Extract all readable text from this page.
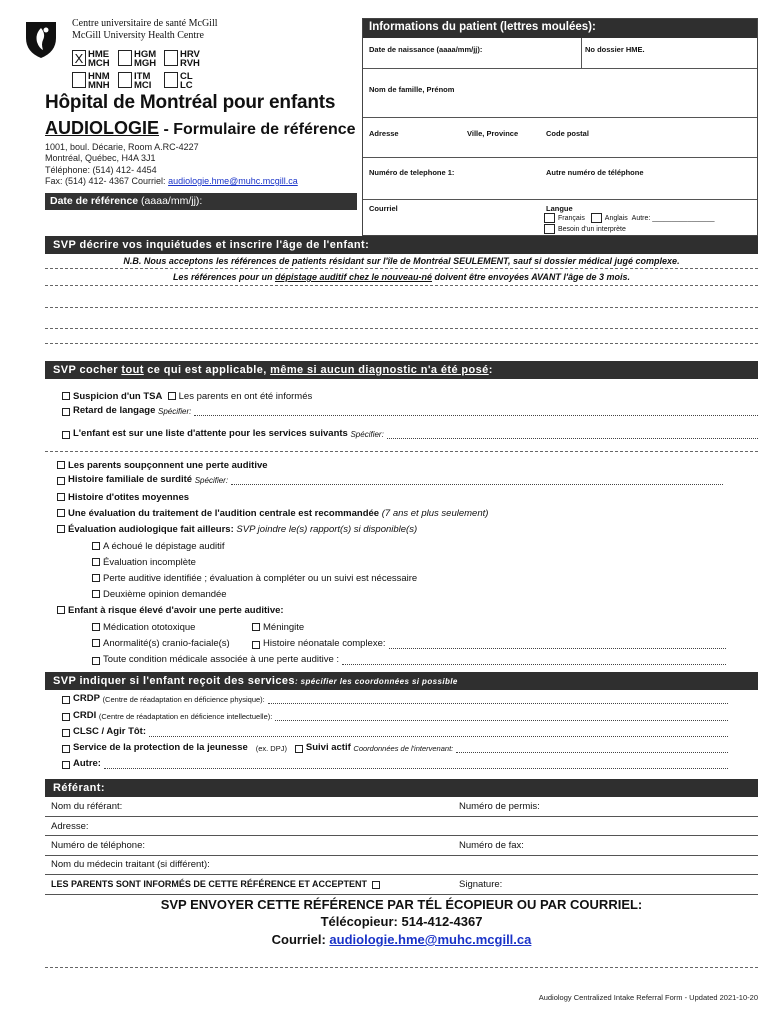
Centre universitaire de santé McGill
McGill University Health Centre
X HME
MCH
HGM
MGH
HRV
RVH
HNM
MNH
ITM
MCI
CL
LC
Hôpital de Montréal pour enfants
AUDIOLOGIE - Formulaire de référence
1001, boul. Décarie, Room A.RC-4227
Montréal, Québec, H4A 3J1
Téléphone: (514) 412- 4454
Fax: (514) 412- 4367 Courriel: audiologie.hme@muhc.mcgill.ca
Date de référence (aaaa/mm/jj):
Informations du patient (lettres moulées):
Date de naissance (aaaa/mm/jj):	No dossier HME.
Nom de famille, Prénom
Adresse	Ville, Province	Code postal
Numéro de telephone 1:	Autre numéro de téléphone
Courriel	Langue
Français	Anglais Autre: ________________
Besoin d'un interprète
SVP décrire vos inquiétudes et inscrire l'âge de l'enfant:
N.B. Nous acceptons les références de patients résidant sur l'île de Montréal SEULEMENT, sauf si dossier médical jugé complexe.
Les références pour un dépistage auditif chez le nouveau-né doivent être envoyées AVANT l'âge de 3 mois.
SVP cocher tout ce qui est applicable, même si aucun diagnostic n'a été posé:
Suspicion d'un TSA Les parents en ont été informés
Retard de langage
Spécifier:
L'enfant est sur une liste d'attente pour les services suivants
Spécifier:
Les parents soupçonnent une perte auditive
Histoire familiale de surdité
Spécifier:
Histoire d'otites moyennes
Une évaluation du traitement de l'audition centrale est recommandée (7 ans et plus seulement)
Évaluation audiologique fait ailleurs: SVP joindre le(s) rapport(s) si disponible(s)
A échoué le dépistage auditif
Évaluation incomplète
Perte auditive identifiée ; évaluation à compléter ou un suivi est nécessaire
Deuxième opinion demandée
Enfant à risque élevé d'avoir une perte auditive:
Médication ototoxique	Méningite
Anormalité(s) cranio-faciale(s)	Histoire néonatale complexe:
Toute condition médicale associée à une perte auditive :
SVP indiquer si l'enfant reçoit des services: spécifier les coordonnées si possible
CRDP
(Centre de réadaptation en déficience physique):
CRDI
(Centre de réadaptation en déficience intellectuelle):
CLSC / Agir Tôt:
Service de la protection de la jeunesse
(ex. DPJ)
Suivi actif
Coordonnées de l'intervenant:
Autre:
Référant:
Nom du référant:	Numéro de permis:
Adresse:
Numéro de téléphone:	Numéro de fax:
Nom du médecin traitant (si différent):
LES PARENTS SONT INFORMÉS DE CETTE RÉFÉRENCE ET ACCEPTENT	Signature:
SVP ENVOYER CETTE RÉFÉRENCE PAR TÉL ÉCOPIEUR OU PAR COURRIEL:
Télécopieur: 514-412-4367
Courriel: audiologie.hme@muhc.mcgill.ca
Audiology Centralized Intake Referral Form - Updated 2021-10-20
